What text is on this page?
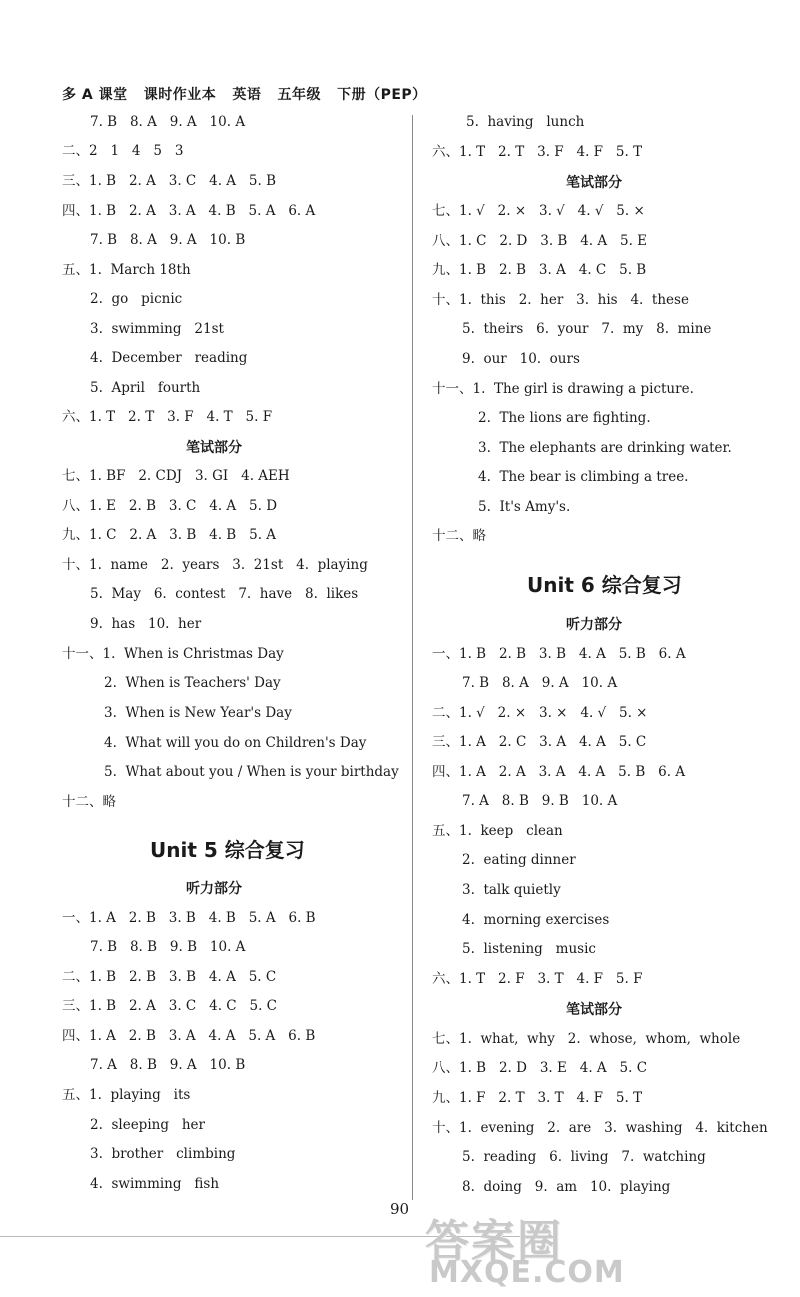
多 A 课堂   课时作业本   英语   五年级   下册（PEP）
7. B   8. A   9. A   10. A
二、2   1   4   5   3
三、1. B   2. A   3. C   4. A   5. B
四、1. B   2. A   3. A   4. B   5. A   6. A
7. B   8. A   9. A   10. B
五、1.  March 18th
2.  go   picnic
3.  swimming   21st
4.  December   reading
5.  April   fourth
六、1. T   2. T   3. F   4. T   5. F
笔试部分
七、1. BF   2. CDJ   3. GI   4. AEH
八、1. E   2. B   3. C   4. A   5. D
九、1. C   2. A   3. B   4. B   5. A
十、1.  name   2.  years   3.  21st   4.  playing
5.  May   6.  contest   7.  have   8.  likes
9.  has   10.  her
十一、1.  When is Christmas Day
2.  When is Teachers' Day
3.  When is New Year's Day
4.  What will you do on Children's Day
5.  What about you / When is your birthday
十二、略
Unit 5 综合复习
听力部分
一、1. A   2. B   3. B   4. B   5. A   6. B
7. B   8. B   9. B   10. A
二、1. B   2. B   3. B   4. A   5. C
三、1. B   2. A   3. C   4. C   5. C
四、1. A   2. B   3. A   4. A   5. A   6. B
7. A   8. B   9. A   10. B
五、1.  playing   its
2.  sleeping   her
3.  brother   climbing
4.  swimming   fish
5.  having   lunch
六、1. T   2. T   3. F   4. F   5. T
笔试部分
七、1. √   2. ×   3. √   4. √   5. ×
八、1. C   2. D   3. B   4. A   5. E
九、1. B   2. B   3. A   4. C   5. B
十、1.  this   2.  her   3.  his   4.  these
5.  theirs   6.  your   7.  my   8.  mine
9.  our   10.  ours
十一、1.  The girl is drawing a picture.
2.  The lions are fighting.
3.  The elephants are drinking water.
4.  The bear is climbing a tree.
5.  It's Amy's.
十二、略
Unit 6 综合复习
听力部分
一、1. B   2. B   3. B   4. A   5. B   6. A
7. B   8. A   9. A   10. A
二、1. √   2. ×   3. ×   4. √   5. ×
三、1. A   2. C   3. A   4. A   5. C
四、1. A   2. A   3. A   4. A   5. B   6. A
7. A   8. B   9. B   10. A
五、1.  keep   clean
2.  eating dinner
3.  talk quietly
4.  morning exercises
5.  listening   music
六、1. T   2. F   3. T   4. F   5. F
笔试部分
七、1.  what,  why   2.  whose,  whom,  whole
八、1. B   2. D   3. E   4. A   5. C
九、1. F   2. T   3. T   4. F   5. T
十、1.  evening   2.  are   3.  washing   4.  kitchen
5.  reading   6.  living   7.  watching
8.  doing   9.  am   10.  playing
90
答案圈
MXQE.COM
